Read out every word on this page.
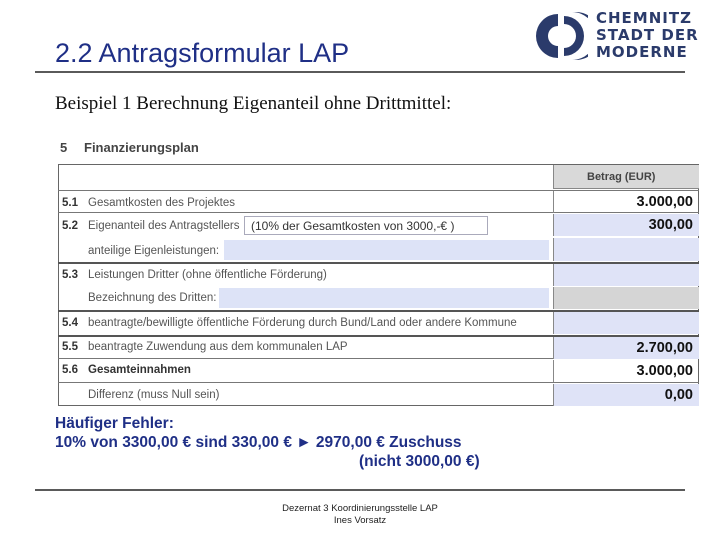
2.2 Antragsformular LAP
CHEMNITZ
STADT DER
MODERNE
Beispiel 1 Berechnung Eigenanteil ohne Drittmittel:
5 Finanzierungsplan
Betrag (EUR)
5.1 Gesamtkosten des Projektes
5.2 Eigenanteil des Antragstellers
anteilige Eigenleistungen:
5.3 Leistungen Dritter (ohne öffentliche Förderung)
Bezeichnung des Dritten:
5.4 beantragte/bewilligte öffentliche Förderung durch Bund/Land oder andere Kommune
5.5 beantragte Zuwendung aus dem kommunalen LAP
5.6 Gesamteinnahmen
Differenz (muss Null sein)
3.000,00
300,00
2.700,00
3.000,00
0,00
(10% der Gesamtkosten von 3000,-€ )
Häufiger Fehler:
10% von 3300,00 € sind 330,00 € ► 2970,00 € Zuschuss
(nicht 3000,00 €)
Dezernat 3 Koordinierungsstelle LAP
Ines Vorsatz
